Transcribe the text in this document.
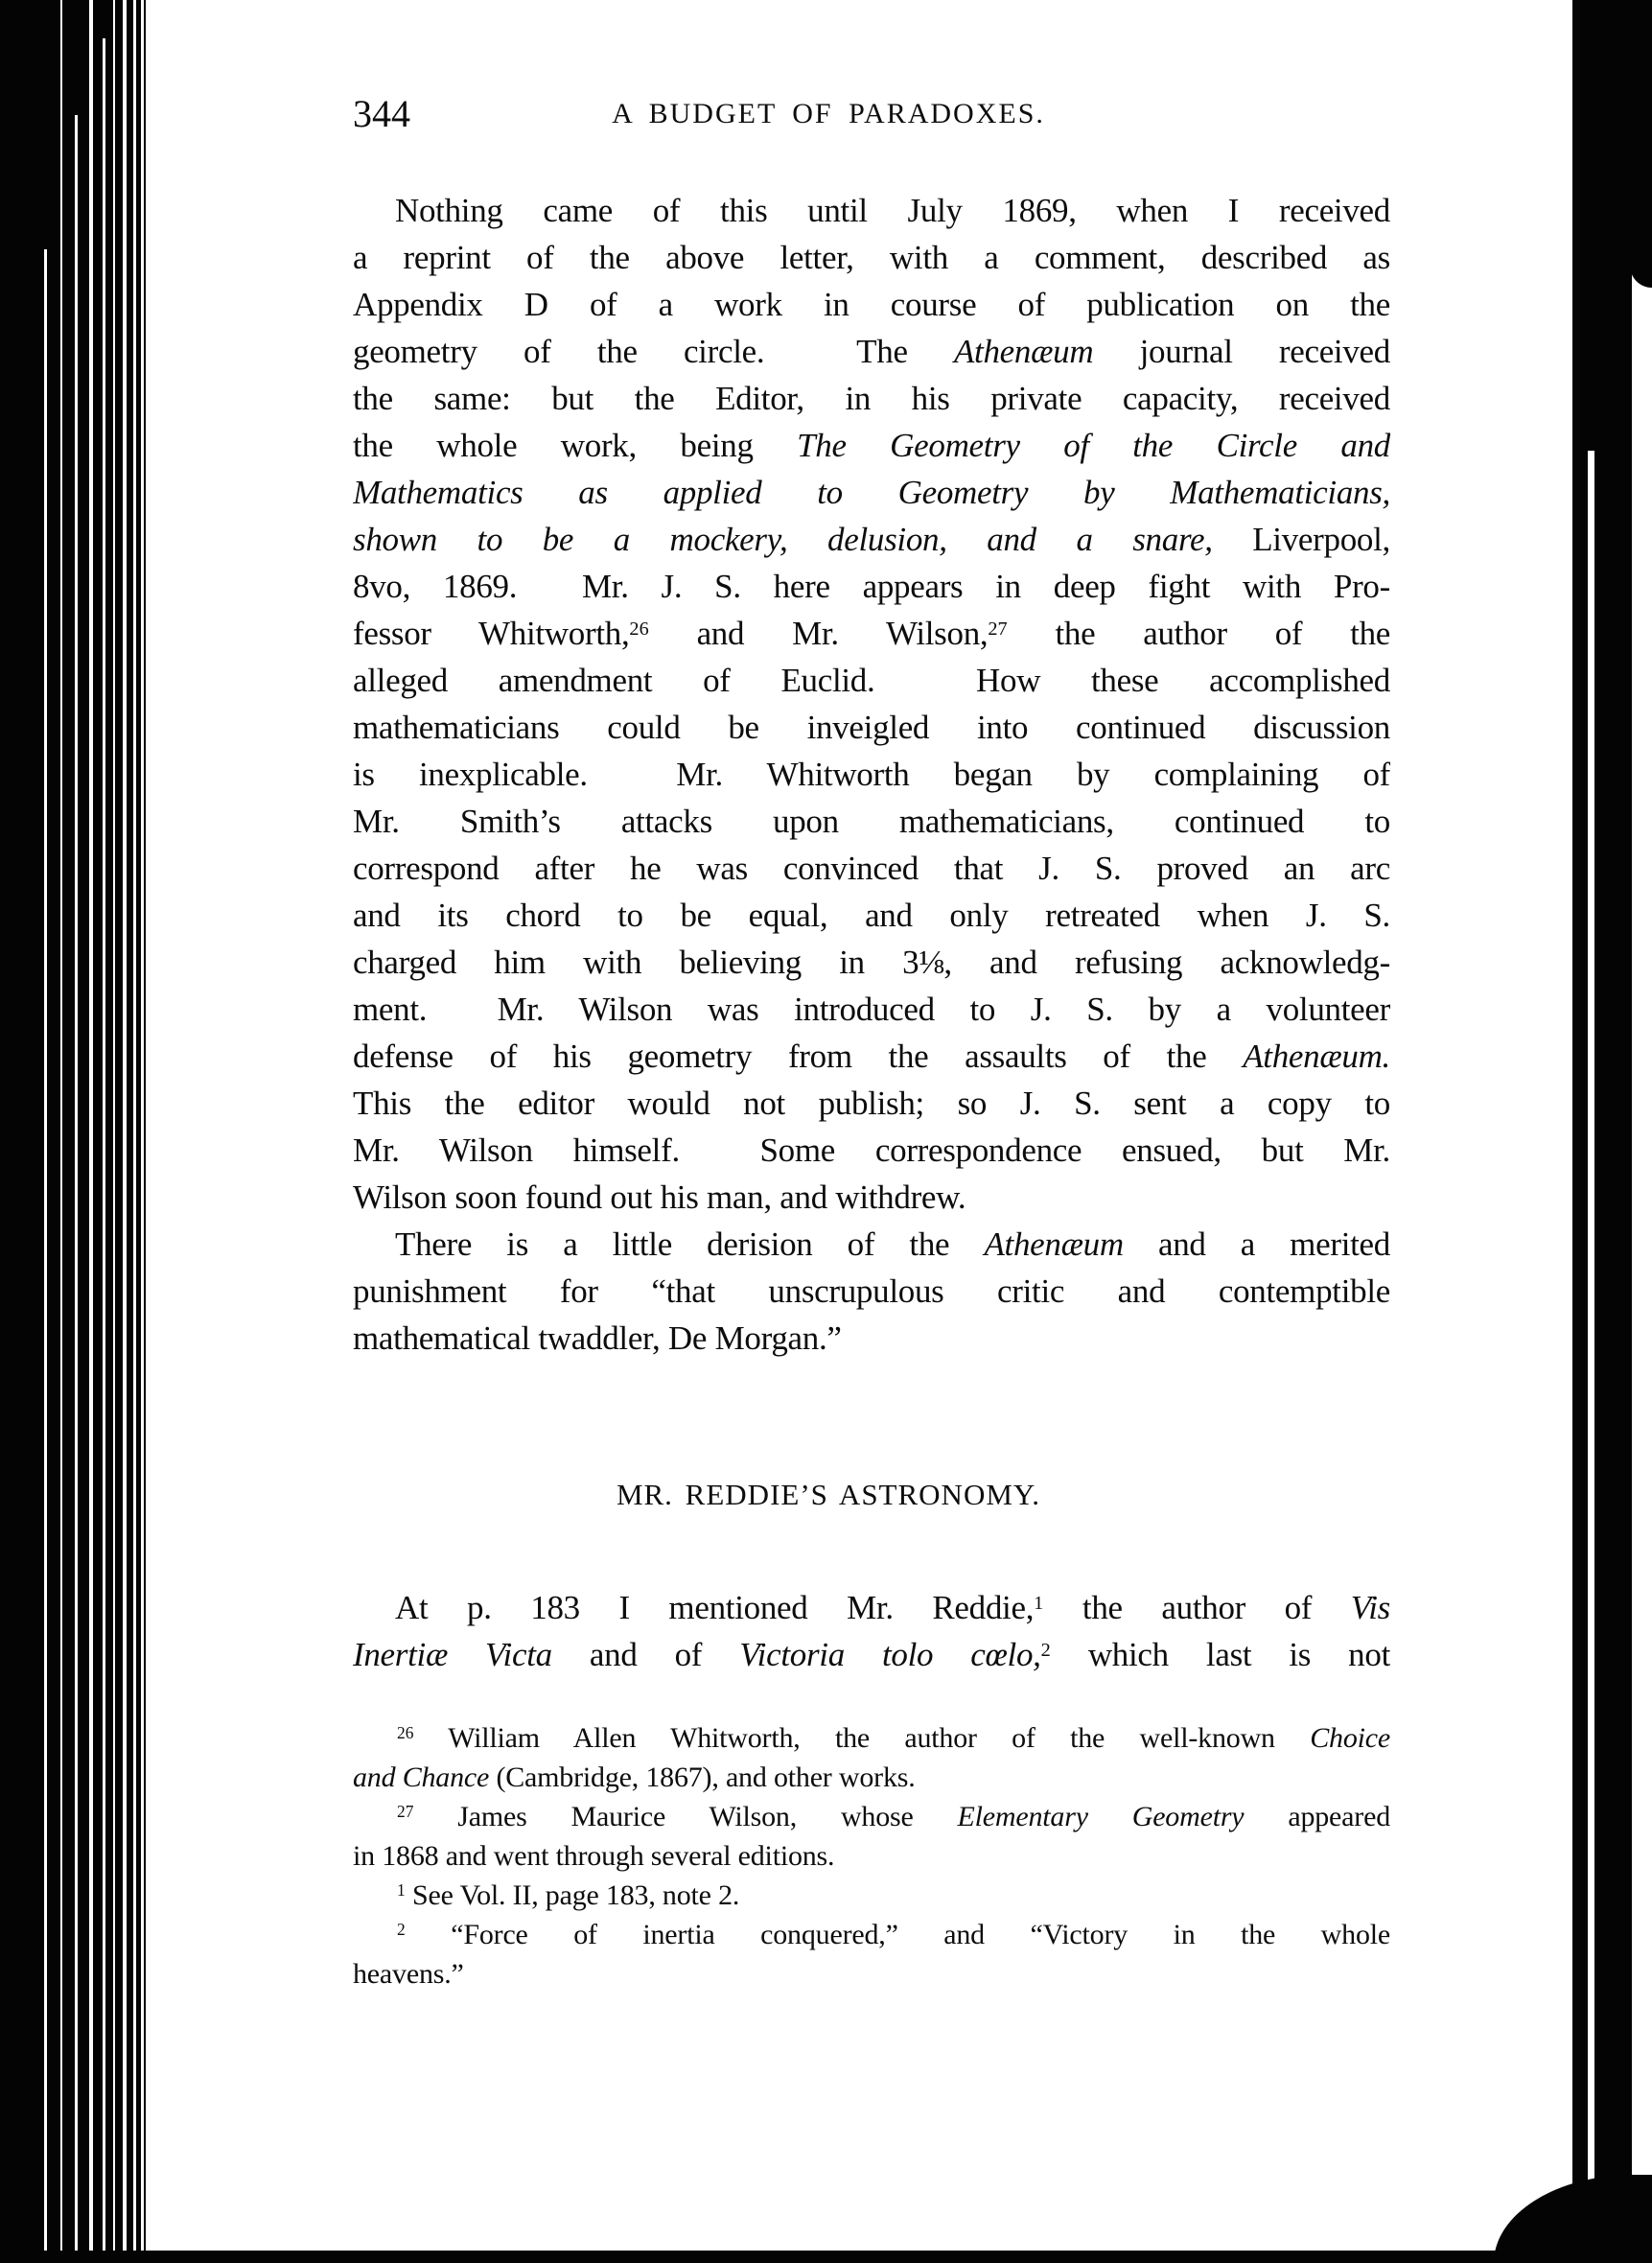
344	A BUDGET OF PARADOXES.
Nothing came of this until July 1869, when I received
a reprint of the above letter, with a comment, described as
Appendix D of a work in course of publication on the
geometry of the circle.  The Athenæum journal received
the same: but the Editor, in his private capacity, received
the whole work, being The Geometry of the Circle and
Mathematics as applied to Geometry by Mathematicians,
shown to be a mockery, delusion, and a snare, Liverpool,
8vo, 1869.  Mr. J. S. here appears in deep fight with Pro-
fessor Whitworth,$^{26}$ and Mr. Wilson,$^{27}$ the author of the
alleged amendment of Euclid.  How these accomplished
mathematicians could be inveigled into continued discussion
is inexplicable.  Mr. Whitworth began by complaining of
Mr. Smith’s attacks upon mathematicians, continued to
correspond after he was convinced that J. S. proved an arc
and its chord to be equal, and only retreated when J. S.
charged him with believing in 3⅛, and refusing acknowledg-
ment.  Mr. Wilson was introduced to J. S. by a volunteer
defense of his geometry from the assaults of the Athenæum.
This the editor would not publish; so J. S. sent a copy to
Mr. Wilson himself.  Some correspondence ensued, but Mr.
Wilson soon found out his man, and withdrew.
There is a little derision of the Athenæum and a merited
punishment for “that unscrupulous critic and contemptible
mathematical twaddler, De Morgan.”
MR. REDDIE’S ASTRONOMY.
At p. 183 I mentioned Mr. Reddie,$^1$ the author of Vis
Inertiæ Victa and of Victoria tolo cœlo,$^2$ which last is not
$^{26}$ William Allen Whitworth, the author of the well-known Choice
and Chance (Cambridge, 1867), and other works.
$^{27}$ James Maurice Wilson, whose Elementary Geometry appeared
in 1868 and went through several editions.
$^1$ See Vol. II, page 183, note 2.
$^2$ “Force of inertia conquered,” and “Victory in the whole
heavens.”
